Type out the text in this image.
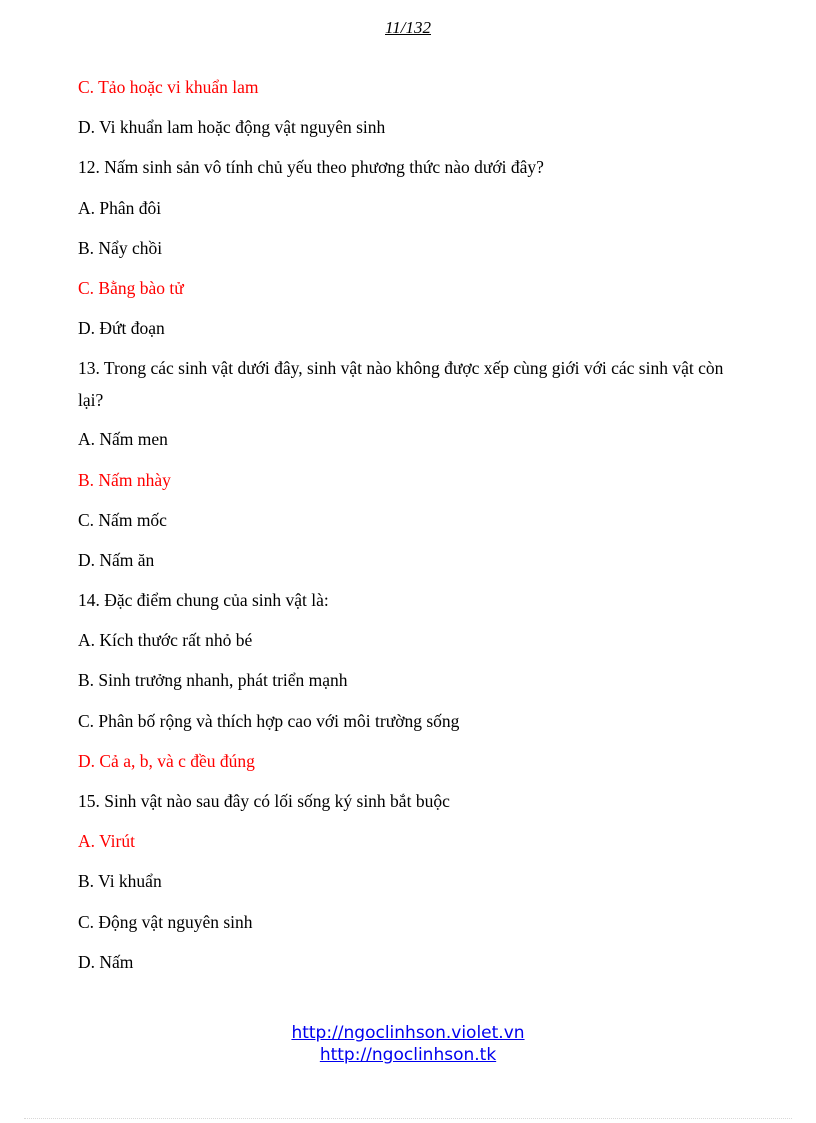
11/132
C. Tảo hoặc vi khuẩn lam
D. Vi khuẩn lam hoặc động vật nguyên sinh
12. Nấm sinh sản vô tính chủ yếu theo phương thức nào dưới đây?
A. Phân đôi
B. Nẩy chồi
C. Bằng bào tử
D. Đứt đoạn
13. Trong các sinh vật dưới đây, sinh vật nào không được xếp cùng giới với các sinh vật còn lại?
A. Nấm men
B. Nấm nhày
C. Nấm mốc
D. Nấm ăn
14. Đặc điểm chung của sinh vật là:
A. Kích thước rất nhỏ bé
B. Sinh trưởng nhanh, phát triển mạnh
C. Phân bố rộng và thích hợp cao với môi trường sống
D. Cả a, b, và c đều đúng
15. Sinh vật nào sau đây có lối sống ký sinh bắt buộc
A. Virút
B. Vi khuẩn
C. Động vật nguyên sinh
D. Nấm
http://ngoclinhson.violet.vn
http://ngoclinhson.tk
